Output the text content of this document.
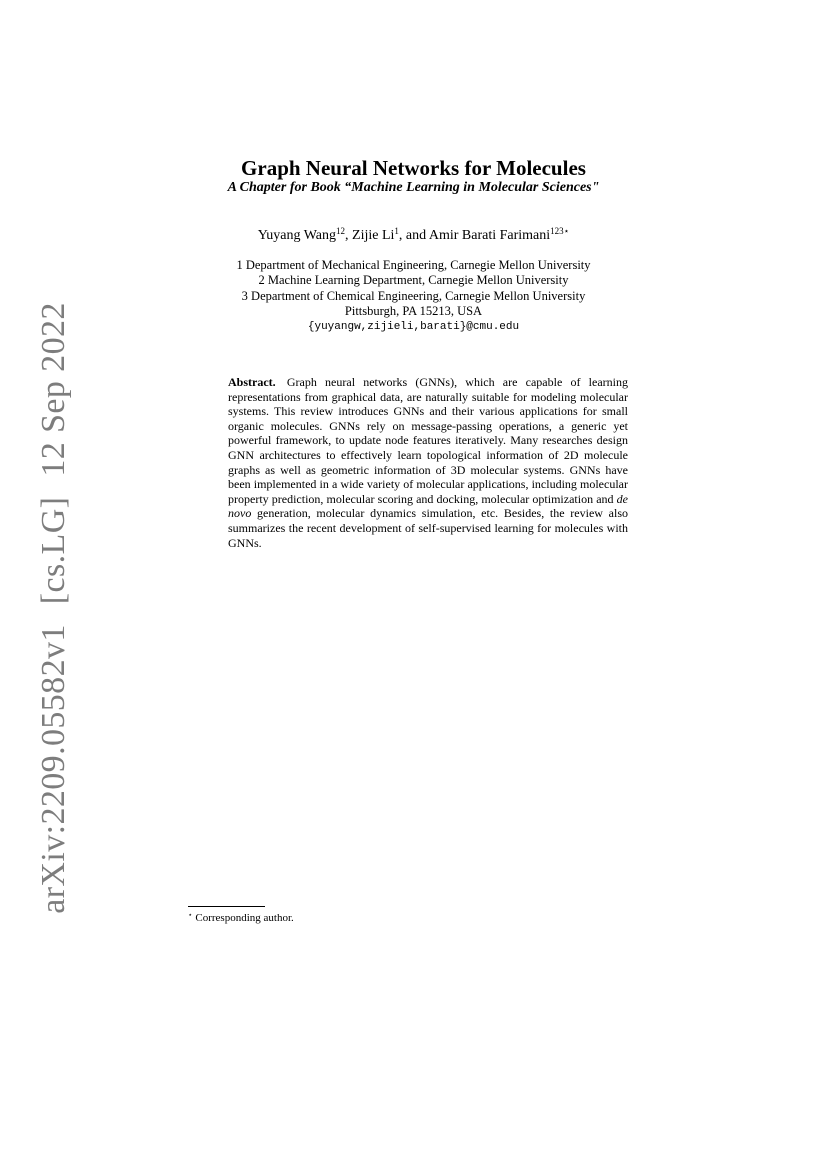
arXiv:2209.05582v1[cs.LG]12 Sep 2022
Graph Neural Networks for Molecules
A Chapter for Book “Machine Learning in Molecular Sciences"
Yuyang Wang$^{12}$, Zijie Li$^1$, and Amir Barati Farimani$^{123⋆}$
1 Department of Mechanical Engineering, Carnegie Mellon University
2 Machine Learning Department, Carnegie Mellon University
3 Department of Chemical Engineering, Carnegie Mellon University
Pittsburgh, PA 15213, USA
{yuyangw,zijieli,barati}@cmu.edu
Abstract. Graph neural networks (GNNs), which are capable of learning representations from graphical data, are naturally suitable for modeling molecular systems. This review introduces GNNs and their various applications for small organic molecules. GNNs rely on message-passing operations, a generic yet powerful framework, to update node features iteratively. Many researches design GNN architectures to effectively learn topological information of 2D molecule graphs as well as geometric information of 3D molecular systems. GNNs have been implemented in a wide variety of molecular applications, including molecular property prediction, molecular scoring and docking, molecular optimization and de novo generation, molecular dynamics simulation, etc. Besides, the review also summarizes the recent development of self-supervised learning for molecules with GNNs.
⋆ Corresponding author.
